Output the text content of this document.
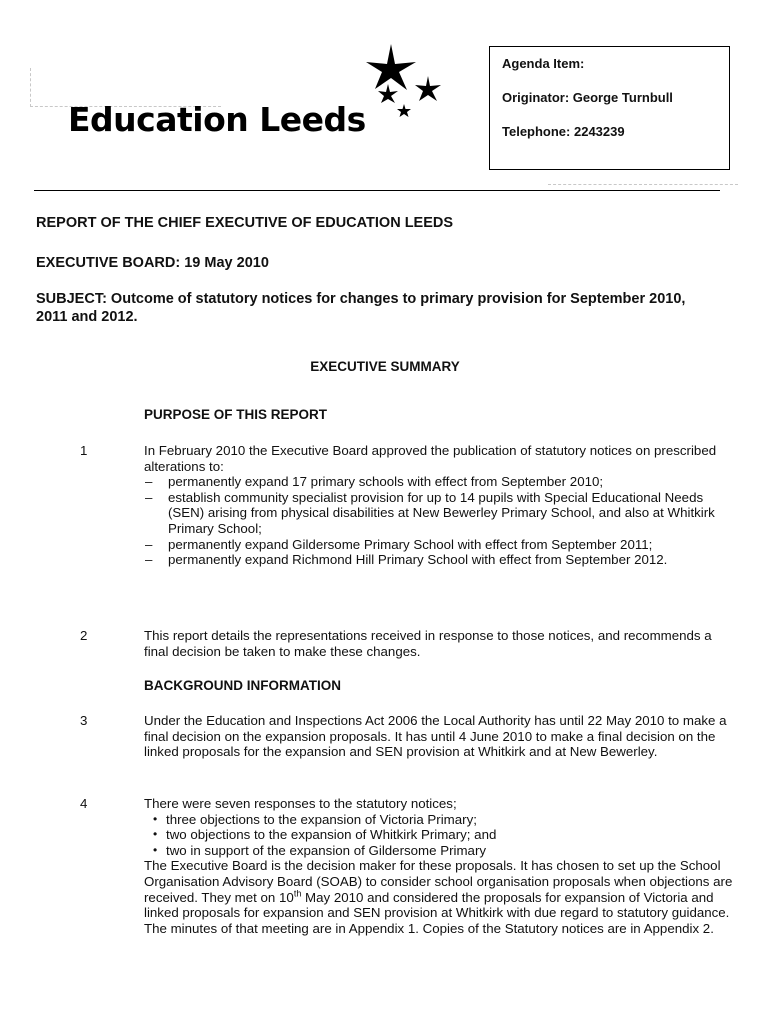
Education Leeds
Agenda Item:
Originator: George Turnbull
Telephone: 2243239
REPORT OF THE CHIEF EXECUTIVE OF EDUCATION LEEDS
EXECUTIVE BOARD: 19 May 2010
SUBJECT: Outcome of statutory notices for changes to primary provision for September 2010, 2011 and 2012.
EXECUTIVE SUMMARY
PURPOSE OF THIS REPORT
1	In February 2010 the Executive Board approved the publication of statutory notices on prescribed alterations to:
– permanently expand 17 primary schools with effect from September 2010;
– establish community specialist provision for up to 14 pupils with Special Educational Needs (SEN) arising from physical disabilities at New Bewerley Primary School, and also at Whitkirk Primary School;
– permanently expand Gildersome Primary School with effect from September 2011;
– permanently expand Richmond Hill Primary School with effect from September 2012.
2	This report details the representations received in response to those notices, and recommends a final decision be taken to make these changes.
BACKGROUND INFORMATION
3	Under the Education and Inspections Act 2006 the Local Authority has until 22 May 2010 to make a final decision on the expansion proposals. It has until 4 June 2010 to make a final decision on the linked proposals for the expansion and SEN provision at Whitkirk and at New Bewerley.
4	There were seven responses to the statutory notices;
• three objections to the expansion of Victoria Primary;
• two objections to the expansion of Whitkirk Primary; and
• two in support of the expansion of Gildersome Primary
The Executive Board is the decision maker for these proposals. It has chosen to set up the School Organisation Advisory Board (SOAB) to consider school organisation proposals when objections are received. They met on 10th May 2010 and considered the proposals for expansion of Victoria and linked proposals for expansion and SEN provision at Whitkirk with due regard to statutory guidance. The minutes of that meeting are in Appendix 1. Copies of the Statutory notices are in Appendix 2.
